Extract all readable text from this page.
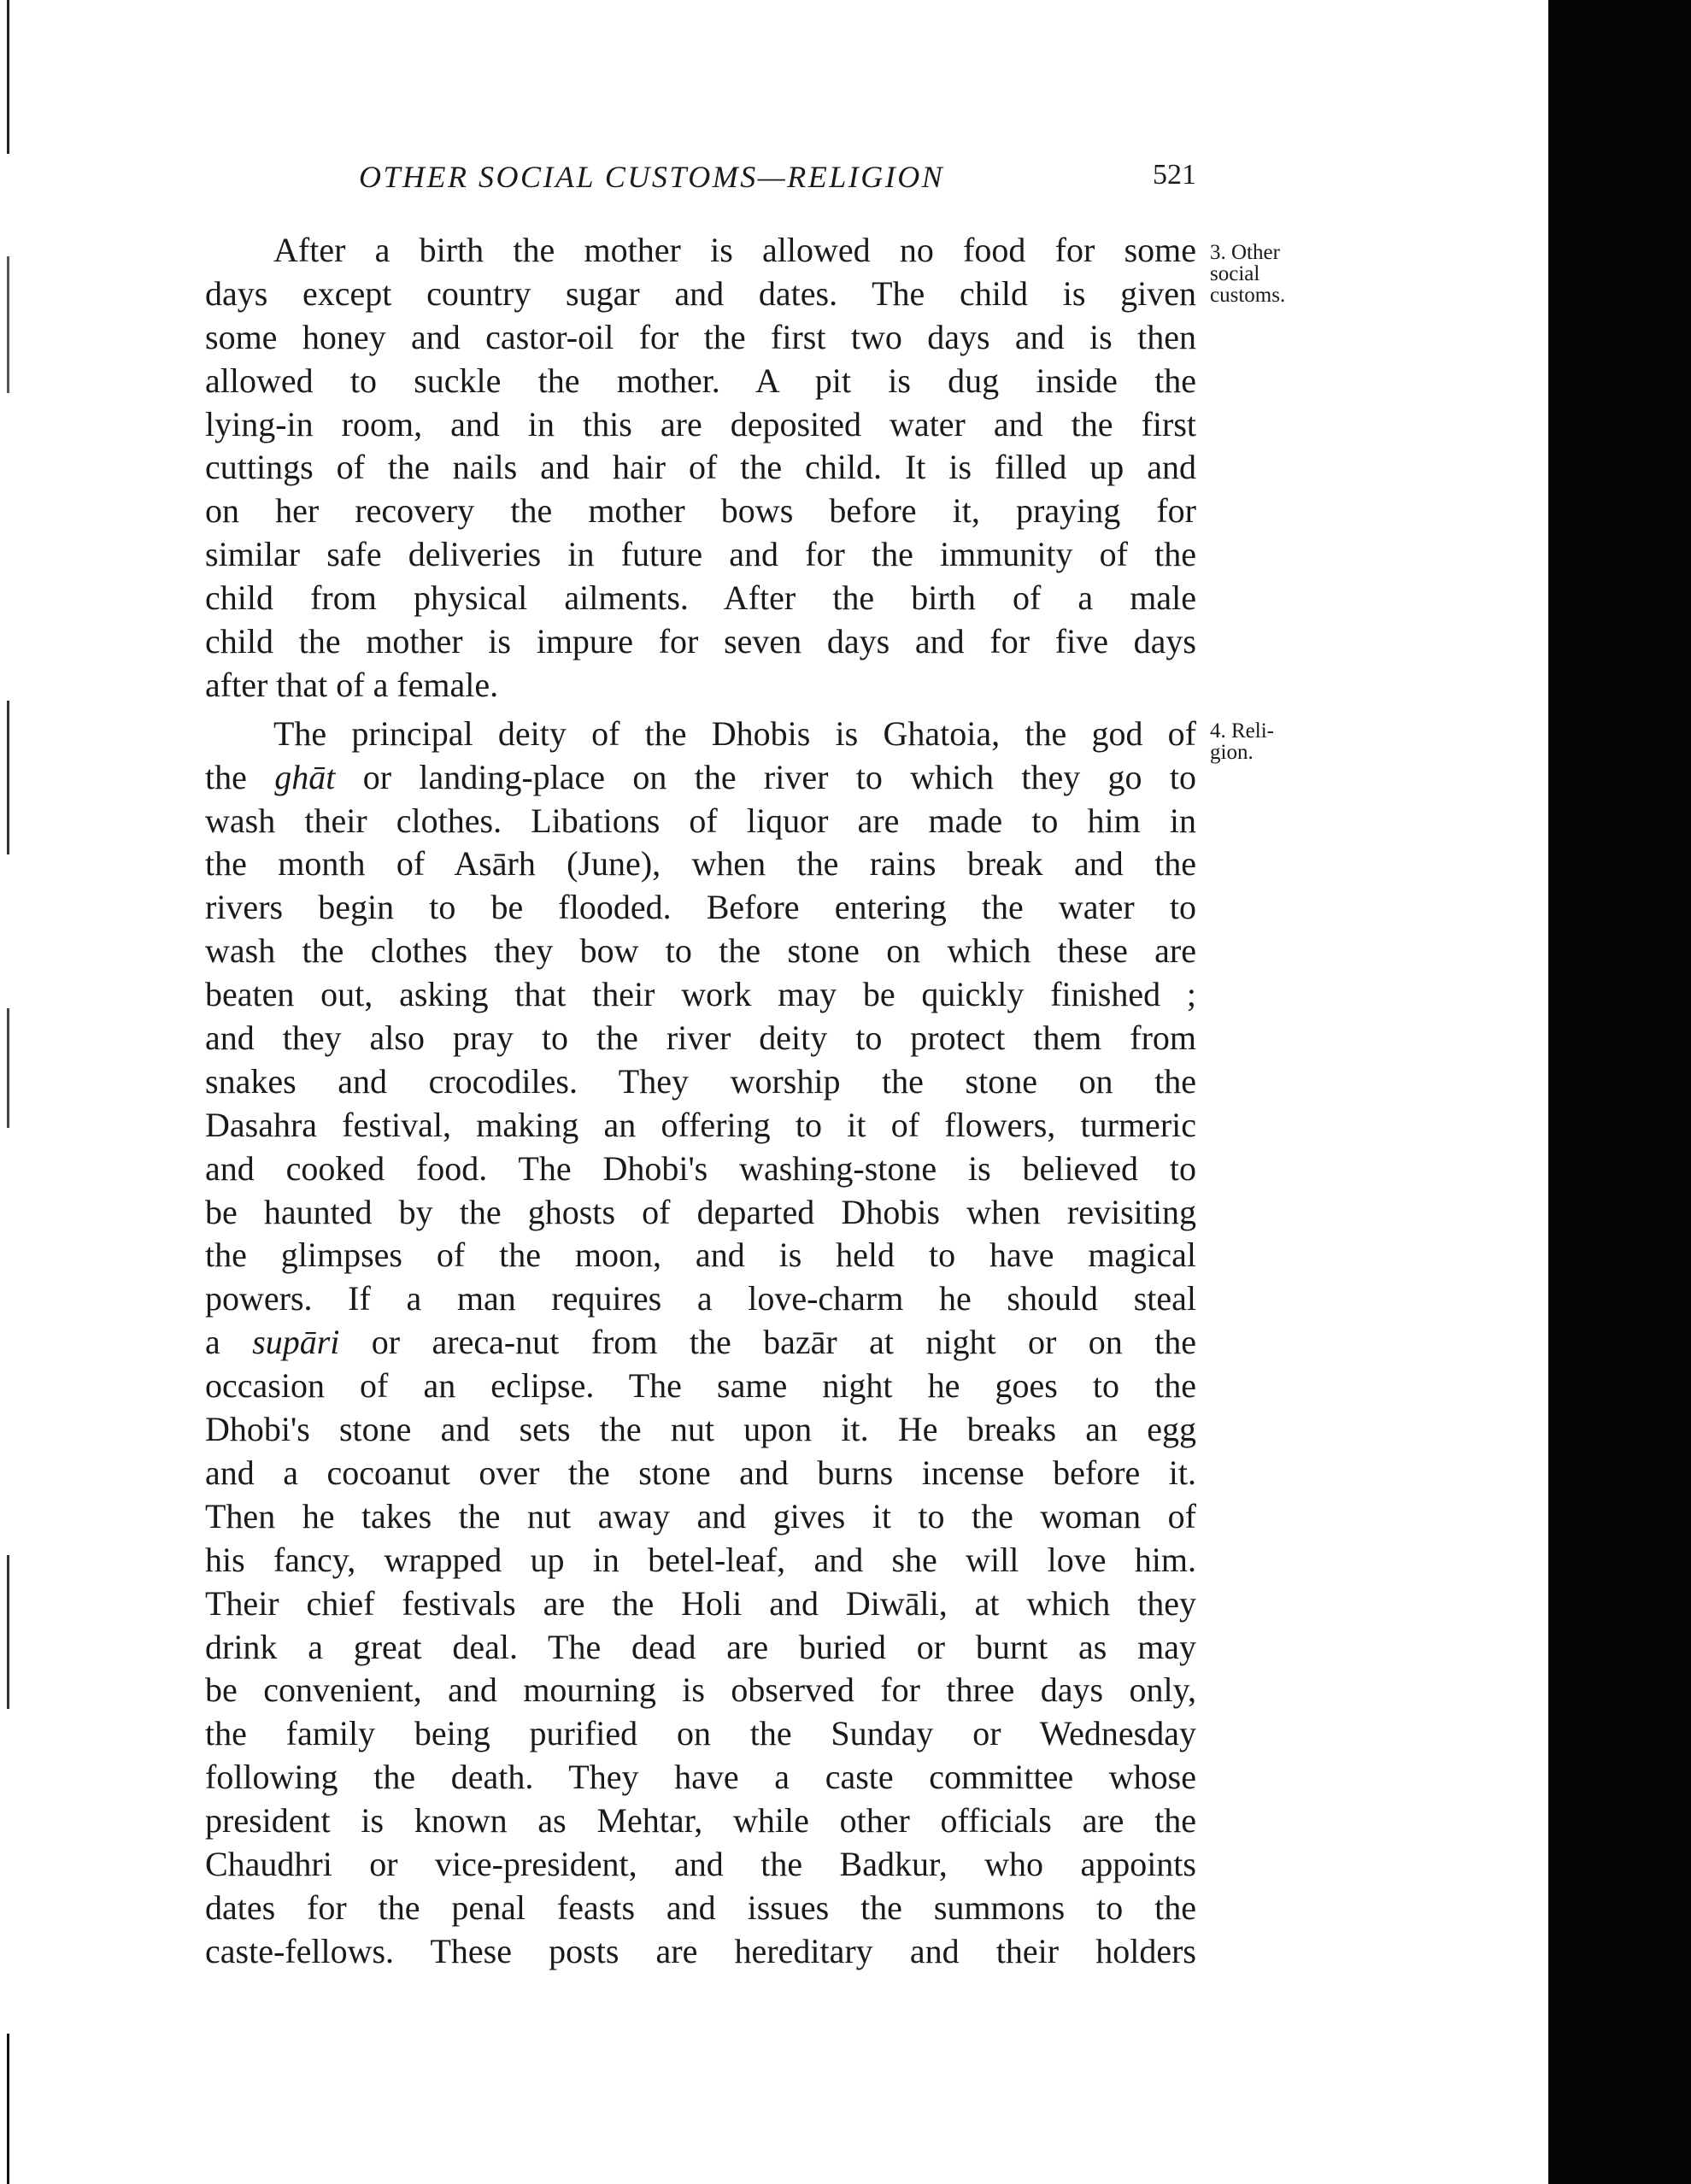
OTHER SOCIAL CUSTOMS—RELIGION	521
3. Other
social
customs.
4. Reli-
gion.
After a birth the mother is allowed no food for some
days except country sugar and dates. The child is given
some honey and castor-oil for the first two days and is then
allowed to suckle the mother. A pit is dug inside the
lying-in room, and in this are deposited water and the first
cuttings of the nails and hair of the child. It is filled up and
on her recovery the mother bows before it, praying for
similar safe deliveries in future and for the immunity of the
child from physical ailments. After the birth of a male
child the mother is impure for seven days and for five days
after that of a female.
The principal deity of the Dhobis is Ghatoia, the god of
the ghāt or landing-place on the river to which they go to
wash their clothes. Libations of liquor are made to him in
the month of Asārh (June), when the rains break and the
rivers begin to be flooded. Before entering the water to
wash the clothes they bow to the stone on which these are
beaten out, asking that their work may be quickly finished ;
and they also pray to the river deity to protect them from
snakes and crocodiles. They worship the stone on the
Dasahra festival, making an offering to it of flowers, turmeric
and cooked food. The Dhobi's washing-stone is believed to
be haunted by the ghosts of departed Dhobis when revisiting
the glimpses of the moon, and is held to have magical
powers. If a man requires a love-charm he should steal
a supāri or areca-nut from the bazār at night or on the
occasion of an eclipse. The same night he goes to the
Dhobi's stone and sets the nut upon it. He breaks an egg
and a cocoanut over the stone and burns incense before it.
Then he takes the nut away and gives it to the woman of
his fancy, wrapped up in betel-leaf, and she will love him.
Their chief festivals are the Holi and Diwāli, at which they
drink a great deal. The dead are buried or burnt as may
be convenient, and mourning is observed for three days only,
the family being purified on the Sunday or Wednesday
following the death. They have a caste committee whose
president is known as Mehtar, while other officials are the
Chaudhri or vice-president, and the Badkur, who appoints
dates for the penal feasts and issues the summons to the
caste-fellows. These posts are hereditary and their holders
